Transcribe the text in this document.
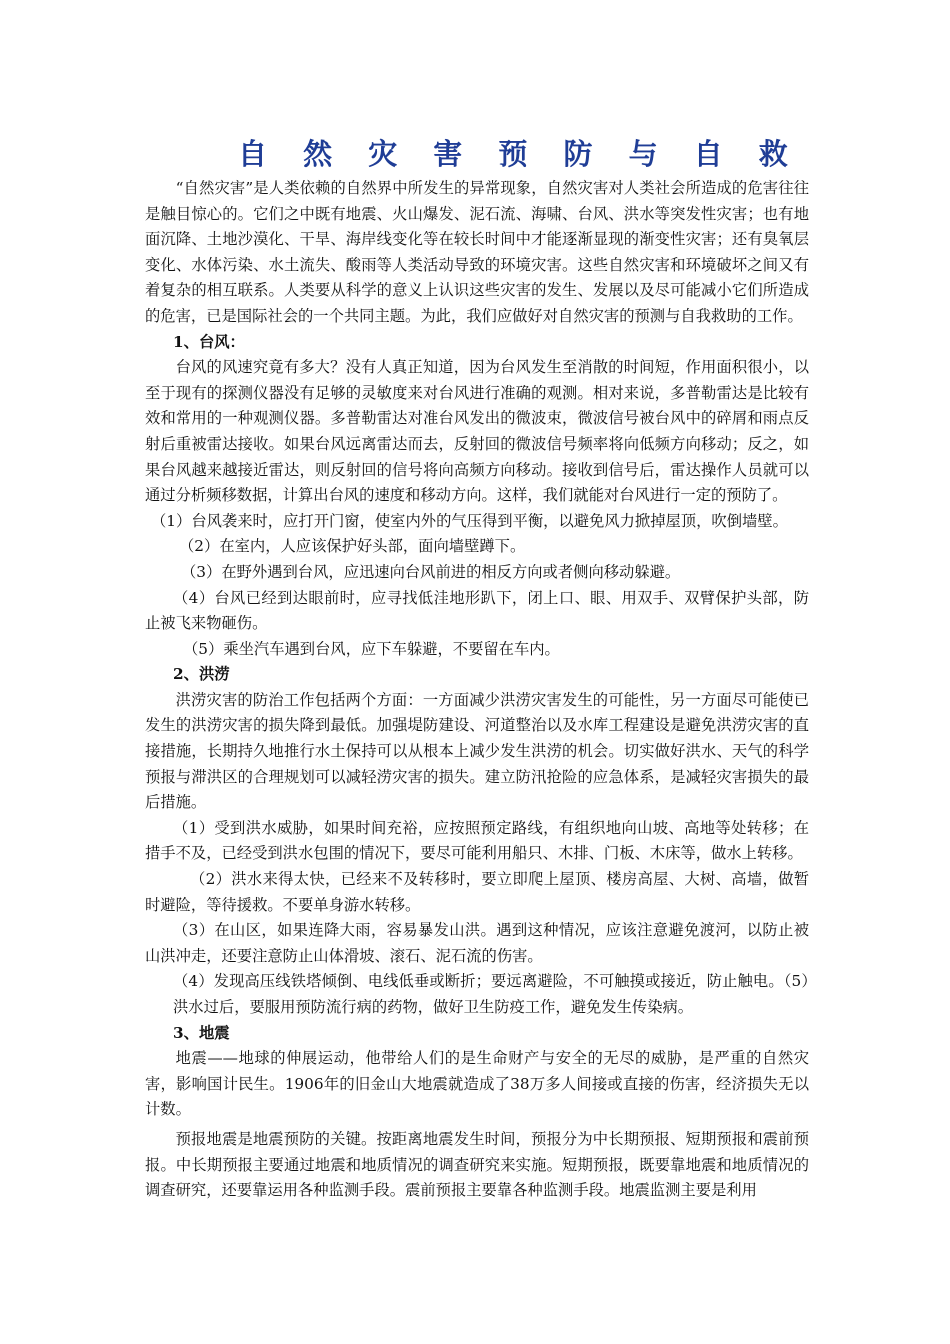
自 然 灾 害 预 防 与 自 救

“自然灾害”是人类依赖的自然界中所发生的异常现象，自然灾害对人类社会所造成的危害往往是触目惊心的。它们之中既有地震、火山爆发、泥石流、海啸、台风、洪水等突发性灾害；也有地面沉降、土地沙漠化、干旱、海岸线变化等在较长时间中才能逐渐显现的渐变性灾害；还有臭氧层变化、水体污染、水土流失、酸雨等人类活动导致的环境灾害。这些自然灾害和环境破坏之间又有着复杂的相互联系。人类要从科学的意义上认识这些灾害的发生、发展以及尽可能减小它们所造成的危害，已是国际社会的一个共同主题。为此，我们应做好对自然灾害的预测与自我救助的工作。

1、台风：

台风的风速究竟有多大？没有人真正知道，因为台风发生至消散的时间短，作用面积很小，以至于现有的探测仪器没有足够的灵敏度来对台风进行准确的观测。相对来说，多普勒雷达是比较有效和常用的一种观测仪器。多普勒雷达对准台风发出的微波束，微波信号被台风中的碎屑和雨点反射后重被雷达接收。如果台风远离雷达而去，反射回的微波信号频率将向低频方向移动；反之，如果台风越来越接近雷达，则反射回的信号将向高频方向移动。接收到信号后，雷达操作人员就可以通过分析频移数据，计算出台风的速度和移动方向。这样，我们就能对台风进行一定的预防了。

（1）台风袭来时，应打开门窗，使室内外的气压得到平衡，以避免风力掀掉屋顶，吹倒墙壁。

（2）在室内，人应该保护好头部，面向墙壁蹲下。

（3）在野外遇到台风，应迅速向台风前进的相反方向或者侧向移动躲避。

（4）台风已经到达眼前时，应寻找低洼地形趴下，闭上口、眼、用双手、双臂保护头部，防止被飞来物砸伤。

（5）乘坐汽车遇到台风，应下车躲避，不要留在车内。

2、洪涝

洪涝灾害的防治工作包括两个方面：一方面减少洪涝灾害发生的可能性，另一方面尽可能使已发生的洪涝灾害的损失降到最低。加强堤防建设、河道整治以及水库工程建设是避免洪涝灾害的直接措施，长期持久地推行水土保持可以从根本上减少发生洪涝的机会。切实做好洪水、天气的科学预报与滞洪区的合理规划可以减轻涝灾害的损失。建立防汛抢险的应急体系，是减轻灾害损失的最后措施。

（1）受到洪水威胁，如果时间充裕，应按照预定路线，有组织地向山坡、高地等处转移；在措手不及，已经受到洪水包围的情况下，要尽可能利用船只、木排、门板、木床等，做水上转移。

（2）洪水来得太快，已经来不及转移时，要立即爬上屋顶、楼房高屋、大树、高墙，做暂时避险，等待援救。不要单身游水转移。

（3）在山区，如果连降大雨，容易暴发山洪。遇到这种情况，应该注意避免渡河，以防止被山洪冲走，还要注意防止山体滑坡、滚石、泥石流的伤害。

（4）发现高压线铁塔倾倒、电线低垂或断折；要远离避险，不可触摸或接近，防止触电。（5）洪水过后，要服用预防流行病的药物，做好卫生防疫工作，避免发生传染病。

3、地震

地震——地球的伸展运动，他带给人们的是生命财产与安全的无尽的威胁，是严重的自然灾害，影响国计民生。1906年的旧金山大地震就造成了38万多人间接或直接的伤害，经济损失无以计数。

预报地震是地震预防的关键。按距离地震发生时间，预报分为中长期预报、短期预报和震前预报。中长期预报主要通过地震和地质情况的调查研究来实施。短期预报，既要靠地震和地质情况的调查研究，还要靠运用各种监测手段。震前预报主要靠各种监测手段。地震监测主要是利用
